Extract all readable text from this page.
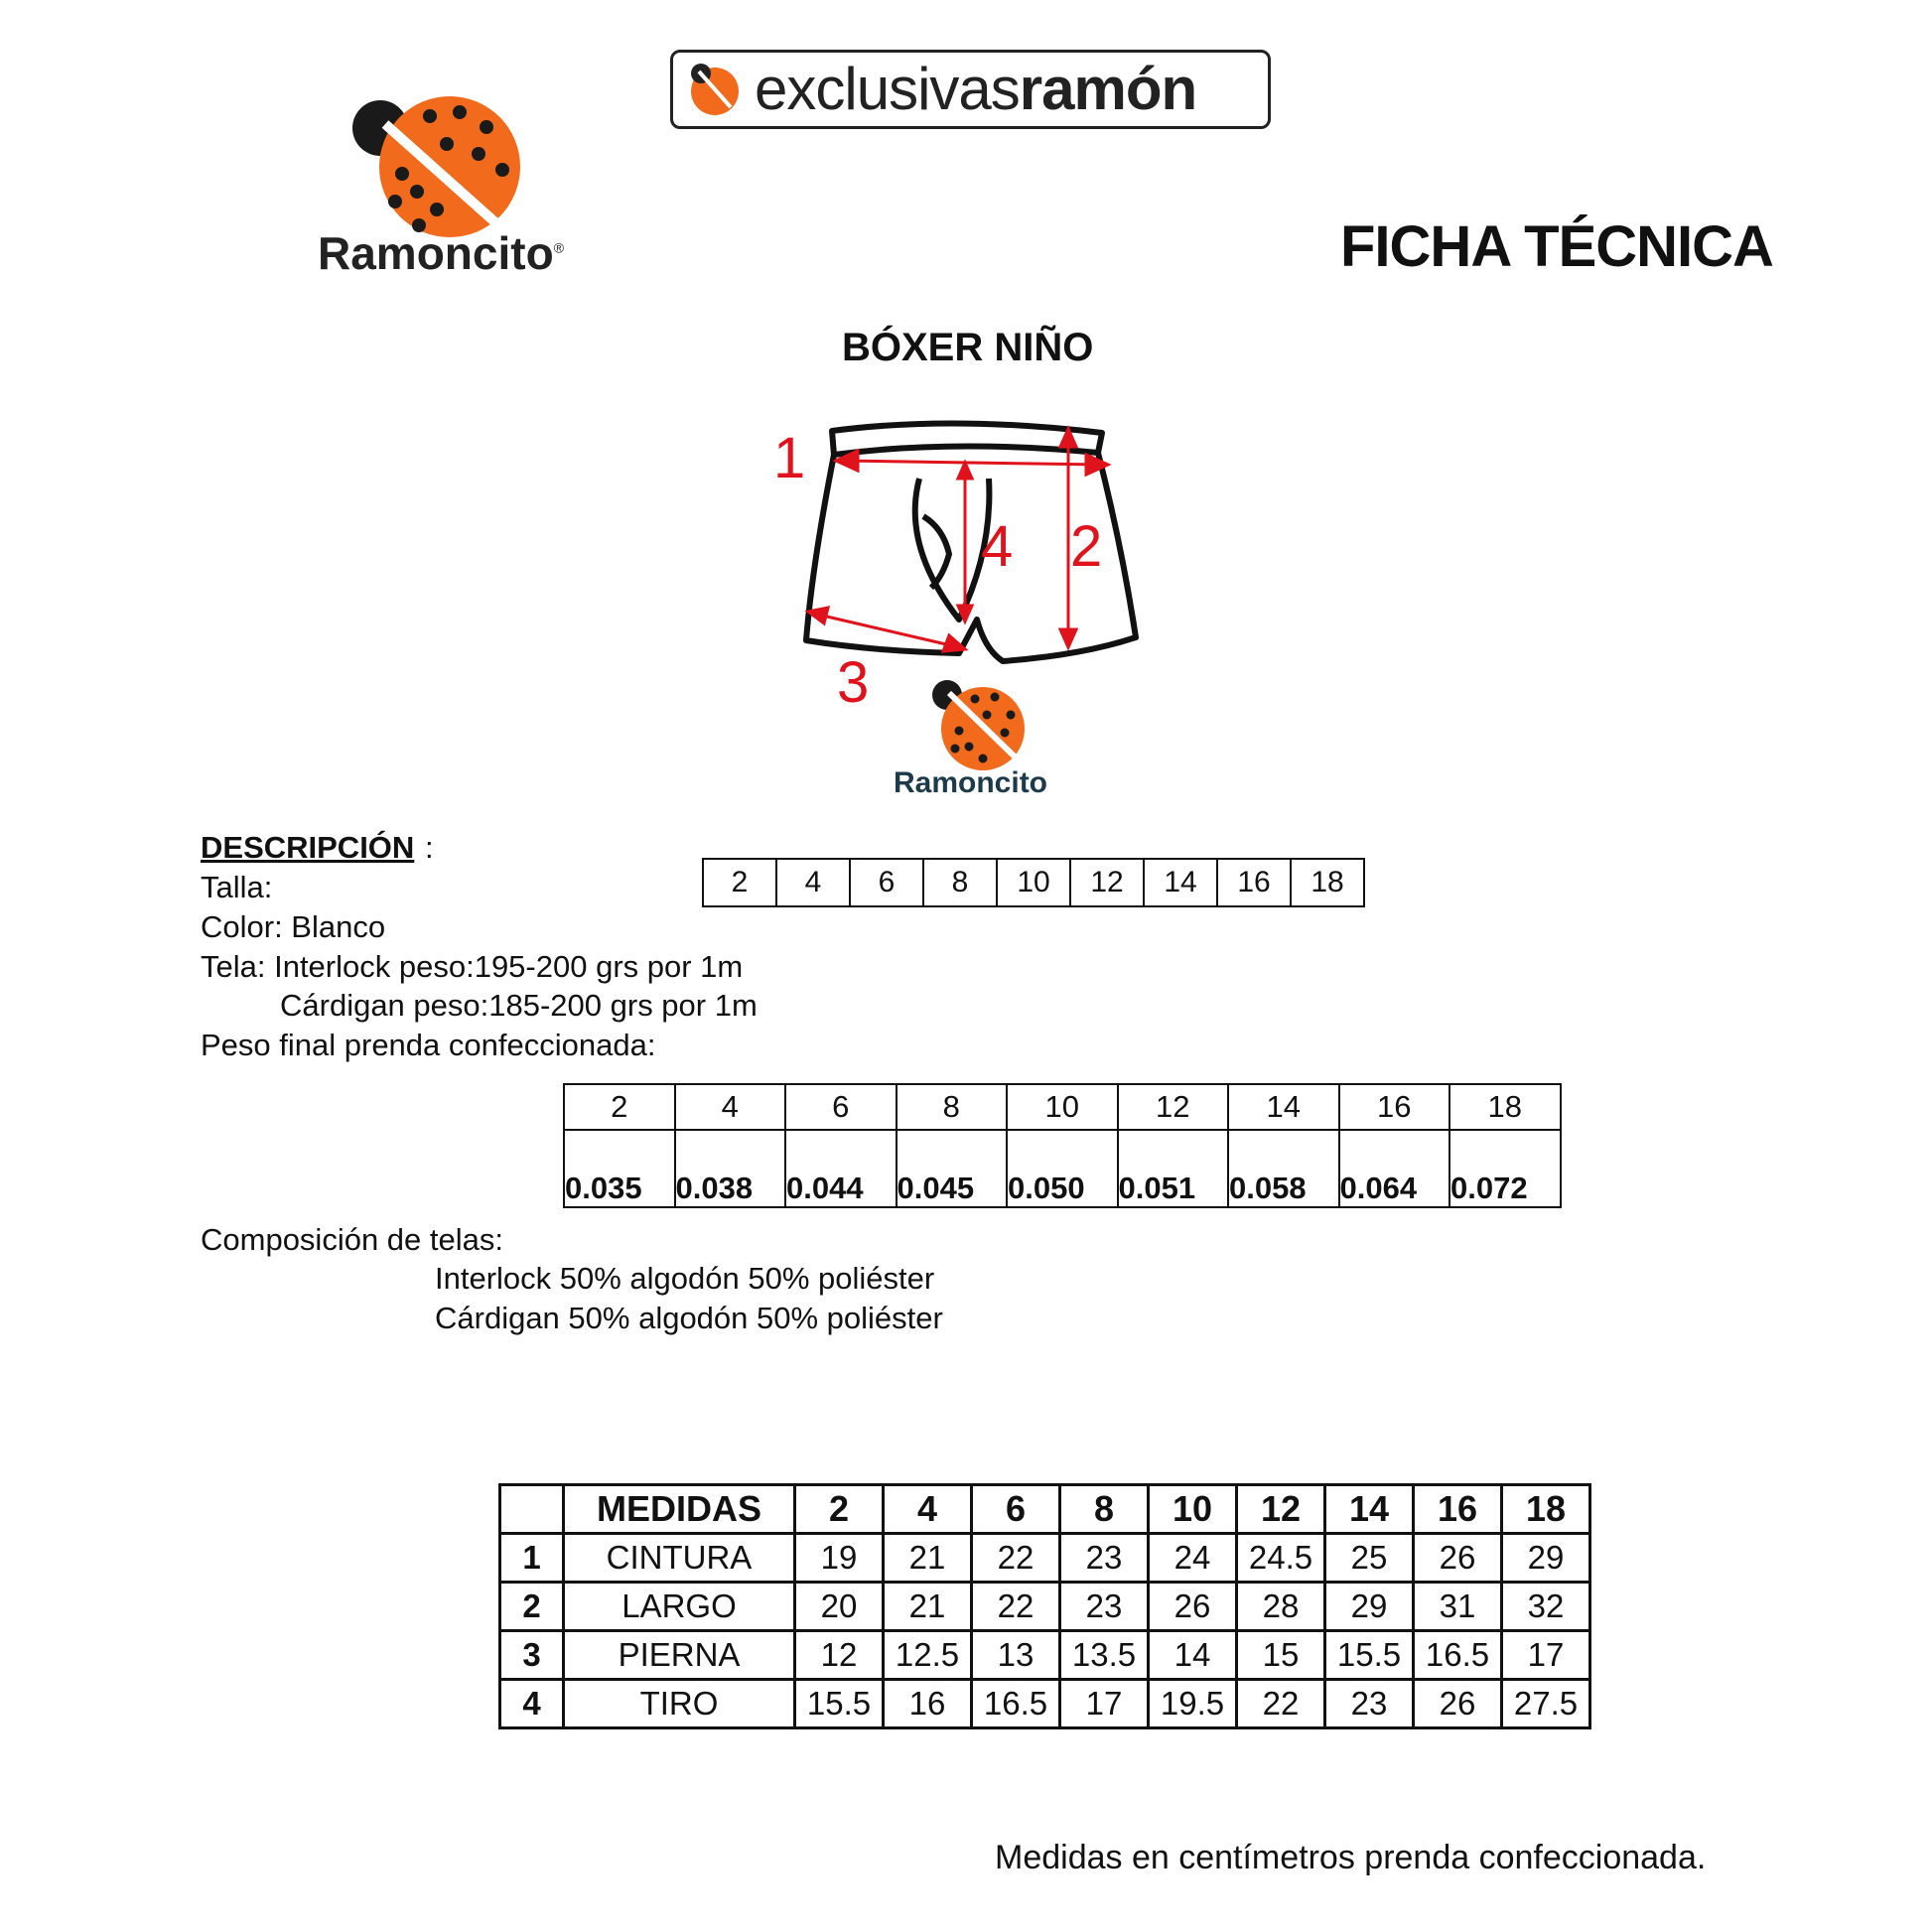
exclusivasramón
Ramoncito®	FICHA TÉCNICA
BÓXER NIÑO
1
2
3
4
Ramoncito
DESCRIPCIÓN :
Talla:	2	4	6	8	10	12	14	16	18
Color: Blanco
Tela: Interlock peso:195-200 grs por 1m
Cárdigan peso:185-200 grs por 1m
Peso final prenda confeccionada:
2	4	6	8	10	12	14	16	18
0.035	0.038	0.044	0.045	0.050	0.051	0.058	0.064	0.072
Composición de telas:
Interlock 50% algodón 50% poliéster
Cárdigan 50% algodón 50% poliéster
	MEDIDAS	2	4	6	8	10	12	14	16	18
1	CINTURA	19	21	22	23	24	24.5	25	26	29
2	LARGO	20	21	22	23	26	28	29	31	32
3	PIERNA	12	12.5	13	13.5	14	15	15.5	16.5	17
4	TIRO	15.5	16	16.5	17	19.5	22	23	26	27.5
Medidas en centímetros prenda confeccionada.
